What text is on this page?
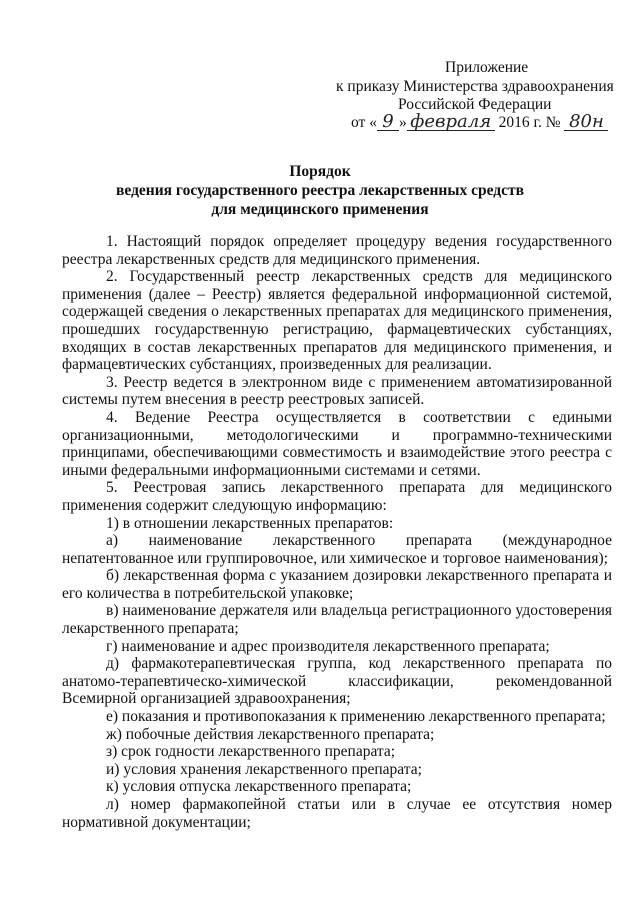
Приложение
к приказу Министерства здравоохранения
Российской Федерации
от « 9 » февраля 2016 г. № 80н
Порядок
ведения государственного реестра лекарственных средств
для медицинского применения

1. Настоящий порядок определяет процедуру ведения государственного реестра лекарственных средств для медицинского применения.

2. Государственный реестр лекарственных средств для медицинского применения (далее – Реестр) является федеральной информационной системой, содержащей сведения о лекарственных препаратах для медицинского применения, прошедших государственную регистрацию, фармацевтических субстанциях, входящих в состав лекарственных препаратов для медицинского применения, и фармацевтических субстанциях, произведенных для реализации.

3. Реестр ведется в электронном виде с применением автоматизированной системы путем внесения в реестр реестровых записей.

4. Ведение Реестра осуществляется в соответствии с едиными организационными, методологическими и программно-техническими принципами, обеспечивающими совместимость и взаимодействие этого реестра с иными федеральными информационными системами и сетями.

5. Реестровая запись лекарственного препарата для медицинского применения содержит следующую информацию:

1) в отношении лекарственных препаратов:

а) наименование лекарственного препарата (международное непатентованное или группировочное, или химическое и торговое наименования);

б) лекарственная форма с указанием дозировки лекарственного препарата и его количества в потребительской упаковке;

в) наименование держателя или владельца регистрационного удостоверения лекарственного препарата;

г) наименование и адрес производителя лекарственного препарата;

д) фармакотерапевтическая группа, код лекарственного препарата по анатомо-терапевтическо-химической классификации, рекомендованной Всемирной организацией здравоохранения;

е) показания и противопоказания к применению лекарственного препарата;

ж) побочные действия лекарственного препарата;

з) срок годности лекарственного препарата;

и) условия хранения лекарственного препарата;

к) условия отпуска лекарственного препарата;

л) номер фармакопейной статьи или в случае ее отсутствия номер нормативной документации;
